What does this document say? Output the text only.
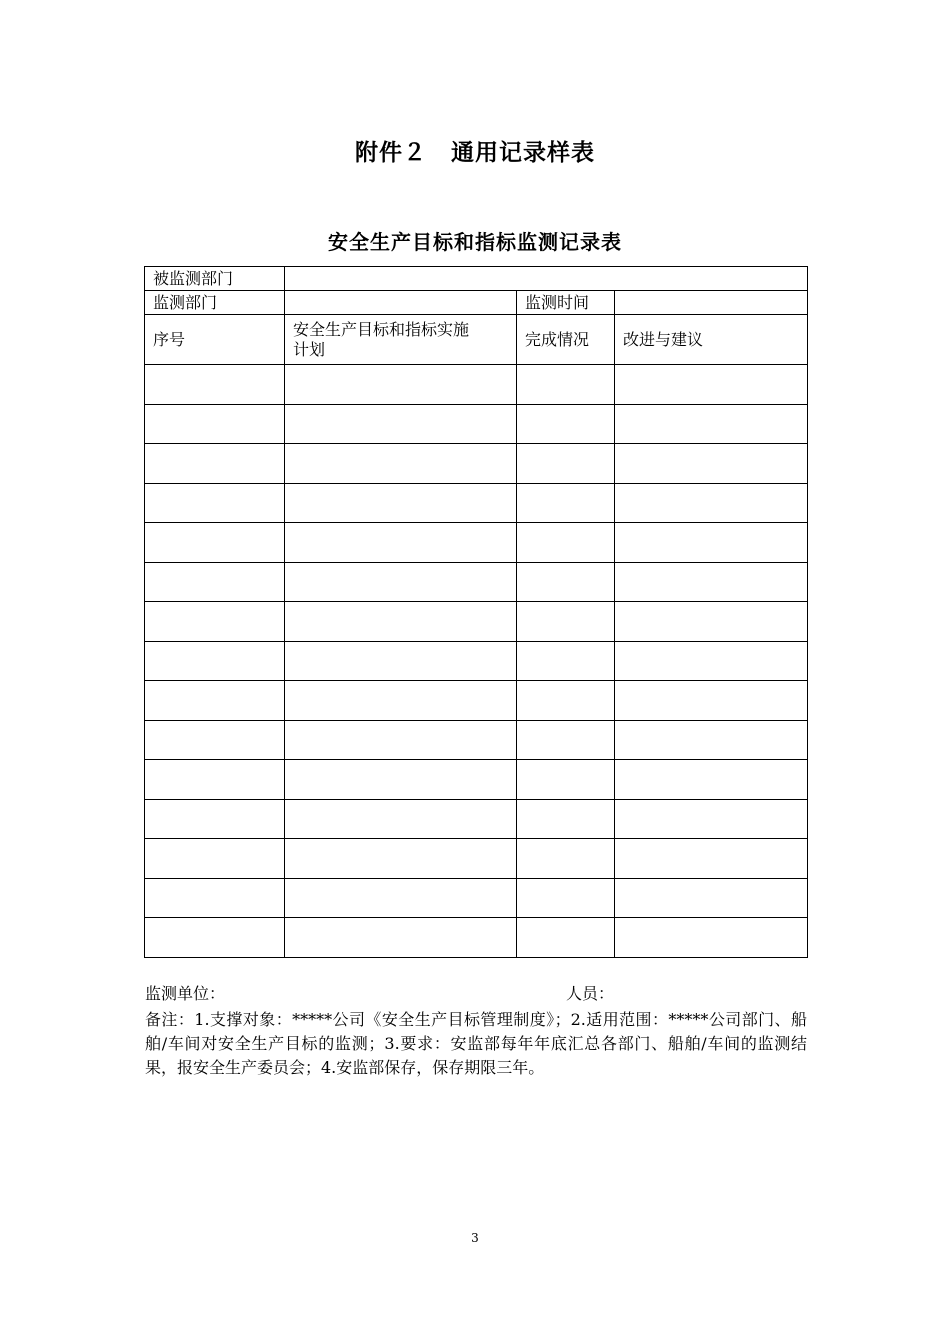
附件２　通用记录样表
安全生产目标和指标监测记录表
被监测部门			
监测部门		监测时间	
序号	安全生产目标和指标实施计划	完成情况	改进与建议

监测单位：	人员：
备注：1.支撑对象：*****公司《安全生产目标管理制度》；2.适用范围：*****公司部门、船舶/车间对安全生产目标的监测；3.要求：安监部每年年底汇总各部门、船舶/车间的监测结果，报安全生产委员会；4.安监部保存，保存期限三年。
3
